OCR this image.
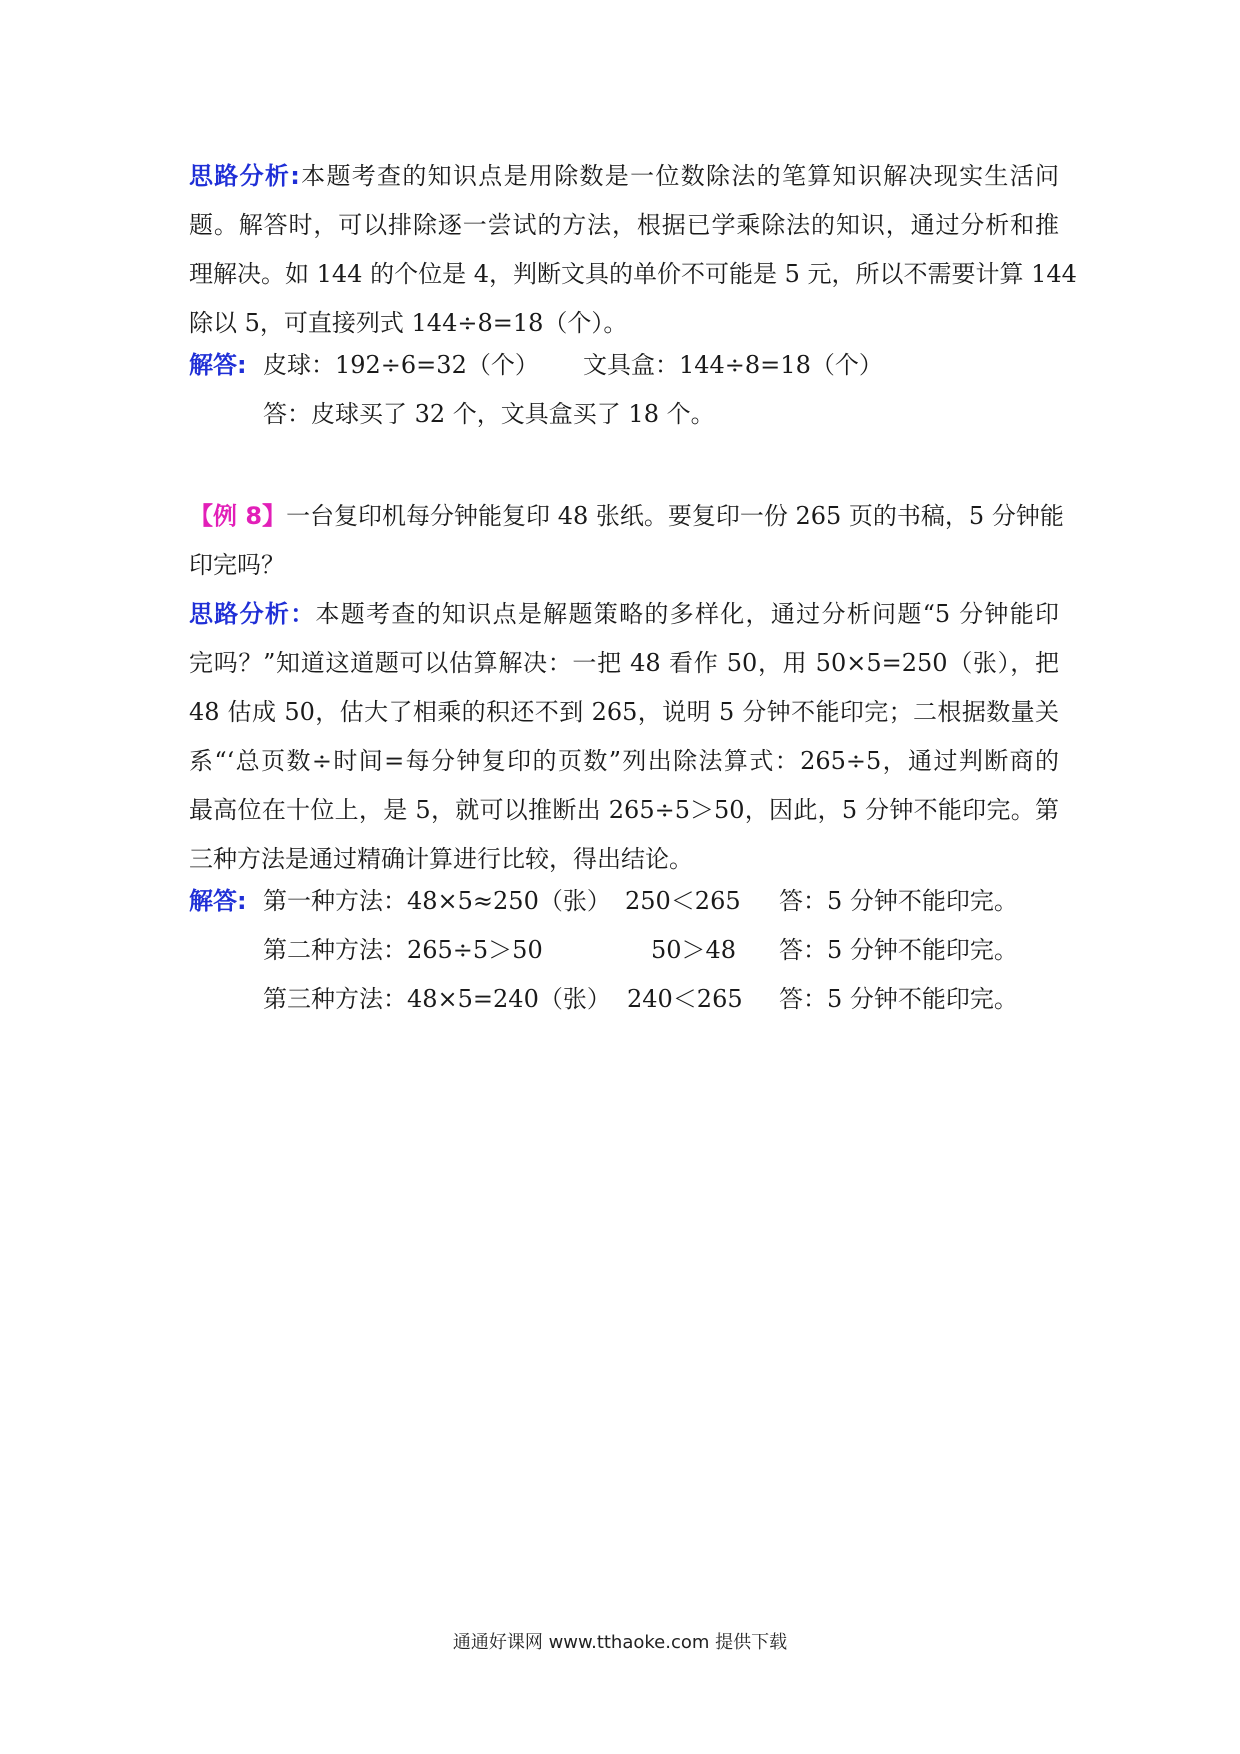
思路分析:本题考查的知识点是用除数是一位数除法的笔算知识解决现实生活问
题。解答时，可以排除逐一尝试的方法，根据已学乘除法的知识，通过分析和推
理解决。如 144 的个位是 4，判断文具的单价不可能是 5 元，所以不需要计算 144
除以 5，可直接列式 144÷8=18（个）。
解答: 皮球：192÷6=32（个） 文具盒：144÷8=18（个）
答：皮球买了 32 个，文具盒买了 18 个。
【例 8】一台复印机每分钟能复印 48 张纸。要复印一份 265 页的书稿，5 分钟能
印完吗？
思路分析：本题考查的知识点是解题策略的多样化，通过分析问题“5 分钟能印
完吗？”知道这道题可以估算解决：一把 48 看作 50，用 50×5=250（张），把
48 估成 50，估大了相乘的积还不到 265，说明 5 分钟不能印完；二根据数量关
系“‘总页数÷时间=每分钟复印的页数”列出除法算式：265÷5，通过判断商的
最高位在十位上，是 5，就可以推断出 265÷5＞50，因此，5 分钟不能印完。第
三种方法是通过精确计算进行比较，得出结论。
解答: 第一种方法：48×5≈250（张） 250＜265 答：5 分钟不能印完。
第二种方法：265÷5＞50	50＞48 答：5 分钟不能印完。
第三种方法：48×5=240（张） 240＜265 答：5 分钟不能印完。
通通好课网 www.tthaoke.com 提供下载
